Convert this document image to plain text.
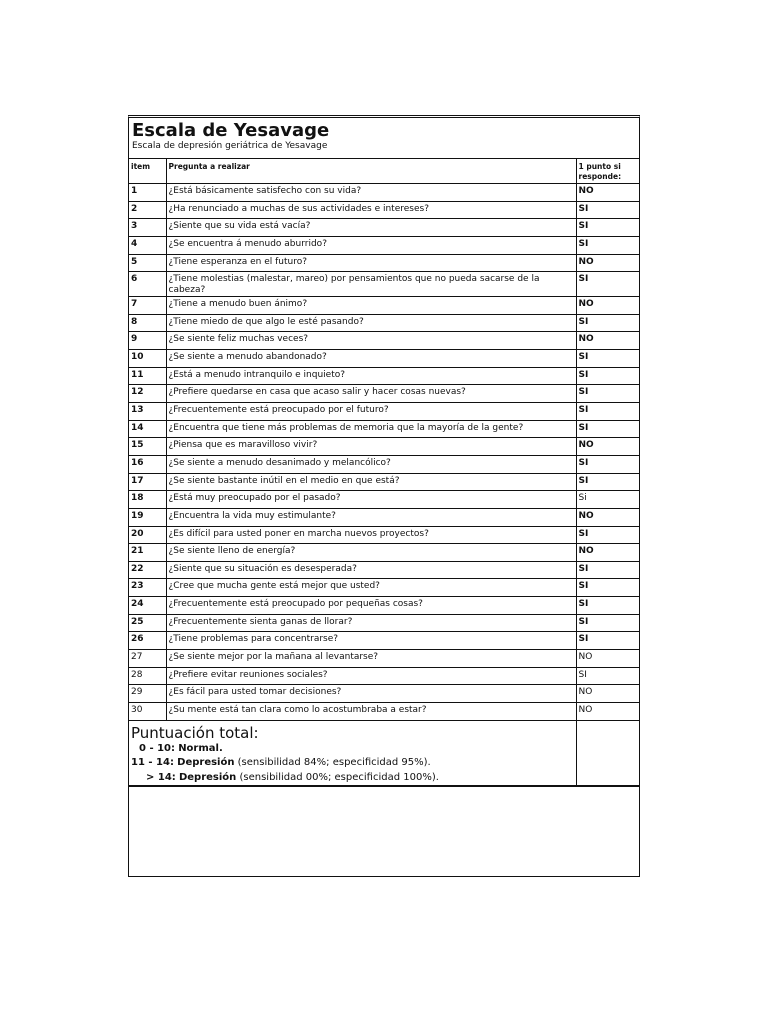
Escala de Yesavage
Escala de depresión geriátrica de Yesavage
item	Pregunta a realizar	1 punto si responde:
1	¿Está básicamente satisfecho con su vida?	NO
2	¿Ha renunciado a muchas de sus actividades e intereses?	SI
3	¿Siente que su vida está vacía?	SI
4	¿Se encuentra á menudo aburrido?	SI
5	¿Tiene esperanza en el futuro?	NO
6	¿Tiene molestias (malestar, mareo) por pensamientos que no pueda sacarse de la cabeza?	SI
7	¿Tiene a menudo buen ánimo?	NO
8	¿Tiene miedo de que algo le esté pasando?	SI
9	¿Se siente feliz muchas veces?	NO
10	¿Se siente a menudo abandonado?	SI
11	¿Está a menudo intranquilo e inquieto?	SI
12	¿Prefiere quedarse en casa que acaso salir y hacer cosas nuevas?	SI
13	¿Frecuentemente está preocupado por el futuro?	SI
14	¿Encuentra que tiene más problemas de memoria que la mayoría de la gente?	SI
15	¿Piensa que es maravilloso vivir?	NO
16	¿Se siente a menudo desanimado y melancólico?	SI
17	¿Se siente bastante inútil en el medio en que está?	SI
18	¿Está muy preocupado por el pasado?	Si
19	¿Encuentra la vida muy estimulante?	NO
20	¿Es difícil para usted poner en marcha nuevos proyectos?	SI
21	¿Se siente lleno de energía?	NO
22	¿Siente que su situación es desesperada?	SI
23	¿Cree que mucha gente está mejor que usted?	SI
24	¿Frecuentemente está preocupado por pequeñas cosas?	SI
25	¿Frecuentemente sienta ganas de llorar?	SI
26	¿Tiene problemas para concentrarse?	SI
27	¿Se siente mejor por la mañana al levantarse?	NO
28	¿Prefiere evitar reuniones sociales?	SI
29	¿Es fácil para usted tomar decisiones?	NO
30	¿Su mente está tan clara como lo acostumbraba a estar?	NO

Puntuación total:
0 - 10: Normal.
11 - 14: Depresión (sensibilidad 84%; especificidad 95%).
> 14: Depresión (sensibilidad 00%; especificidad 100%).		
